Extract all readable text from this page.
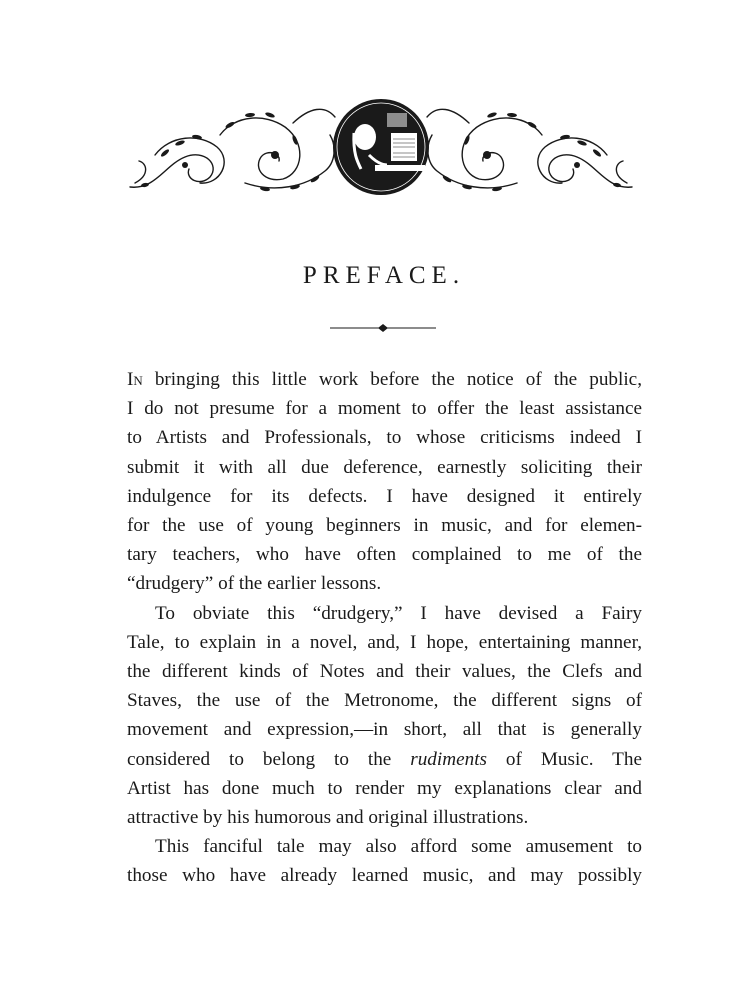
PREFACE.

In bringing this little work before the notice of the public,
I do not presume for a moment to offer the least assistance
to Artists and Professionals, to whose criticisms indeed I
submit it with all due deference, earnestly soliciting their
indulgence for its defects. I have designed it entirely
for the use of young beginners in music, and for elemen-
tary teachers, who have often complained to me of the
“drudgery” of the earlier lessons.

To obviate this “drudgery,” I have devised a Fairy
Tale, to explain in a novel, and, I hope, entertaining manner,
the different kinds of Notes and their values, the Clefs and
Staves, the use of the Metronome, the different signs of
movement and expression,—in short, all that is generally
considered to belong to the rudiments of Music. The
Artist has done much to render my explanations clear and
attractive by his humorous and original illustrations.

This fanciful tale may also afford some amusement to
those who have already learned music, and may possibly
